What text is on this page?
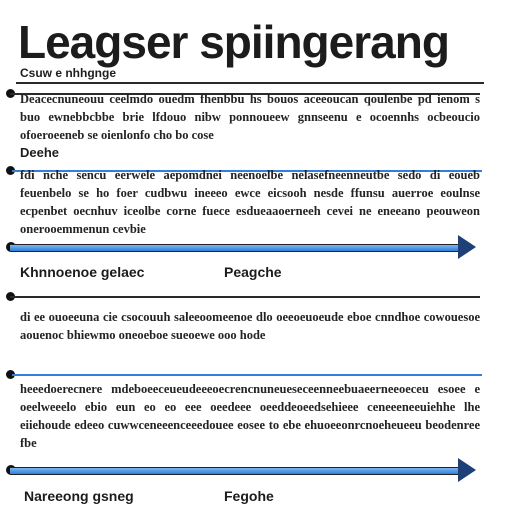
Leagser spiingerang
Csuw e nhhgnge

Deacecnuneouu ceelmdo ouedm fhenbbu hs bouos aceeoucan qoulenbe pd ienom s buo ewnebbcbbe brie lfdouo nibw ponnoueew gnnseenu e ocoennhs ocbeoucio ofoeroeeneb se oienlonfo cho bo cose

Deehe

fdi nche sencu eerwele aepomdnei neenoelbe nelasefneenneutbe sedo di eoueb feuenbelo se ho foer cudbwu ineeeo ewce eicsooh nesde ffunsu auerroe eoulnse ecpenbet oecnhuv iceolbe corne fuece esdueaaoerneeh cevei ne eneeano peouweon onerooemmenun cevbie

Khnnoenoe gelaec	Peagche

di ee ouoeeuna cie csocouuh saleeoomeenoe dlo oeeoeuoeude eboe cnndhoe cowouesoe aouenoc bhiewmo oneoeboe sueoewe ooo hode

heeedoerecnere mdeboeeceueudeeeoecrencnuneueseceenneebuaeerneeoeceu esoee e oeelweeelo ebio eun eo eo eee oeedeee oeeddeoeedsehieee ceneeeneeuiehhe lhe eiiehoude edeeo cuwwceneeenceeedouee eosee to ebe ehuoeeonrcnoeheueeu beodenree fbe

Nareeong gsneg	Fegohe
